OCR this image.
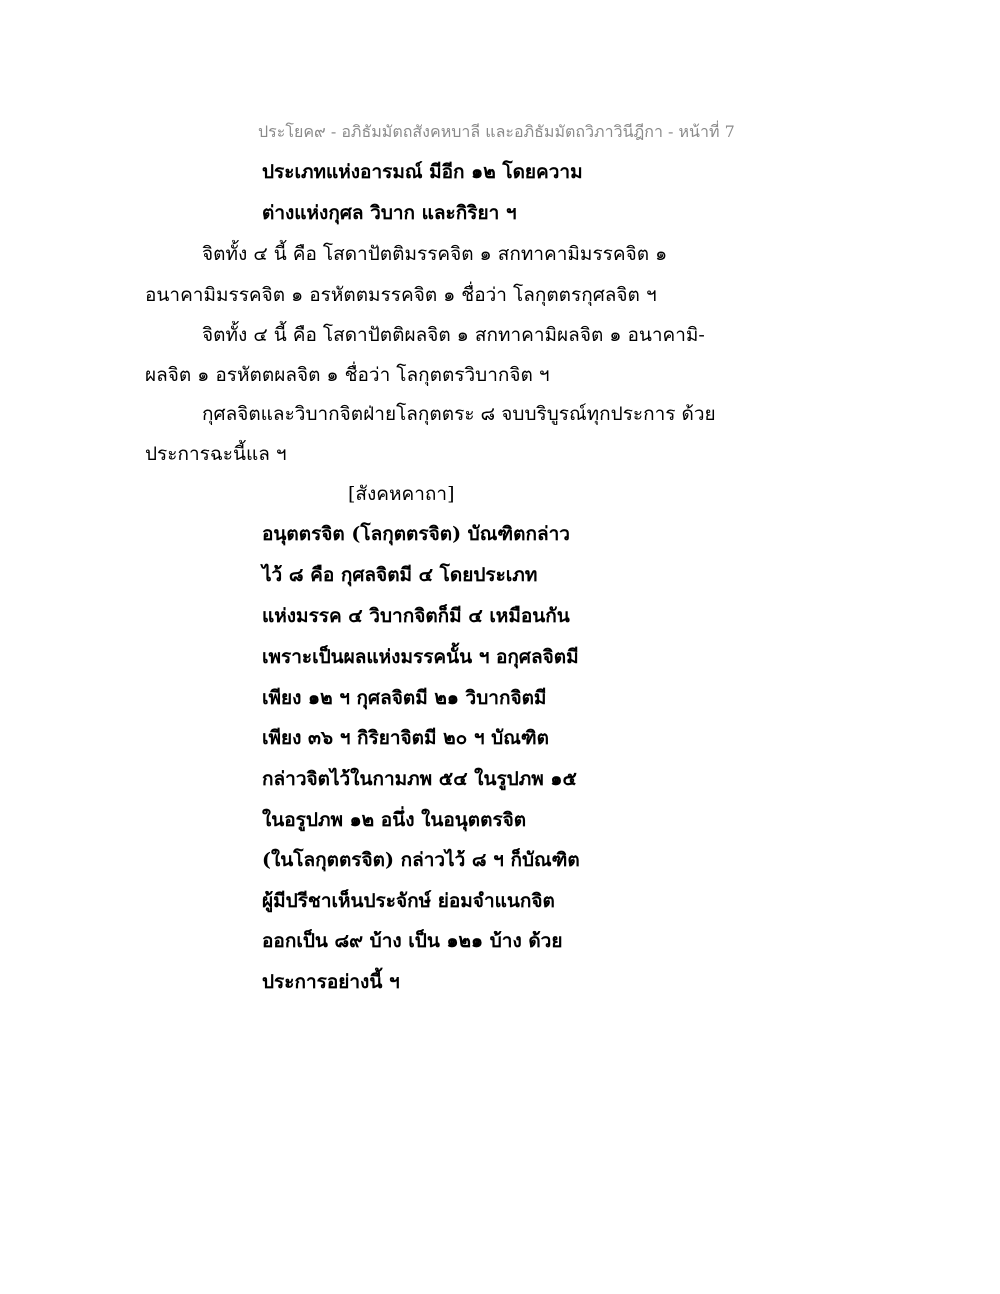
ประโยค๙ - อภิธัมมัตถสังคหบาลี และอภิธัมมัตถวิภาวินีฎีกา - หน้าที่ 7
ประเภทแห่งอารมณ์ มีอีก ๑๒ โดยความ
ต่างแห่งกุศล วิบาก และกิริยา ฯ
จิตทั้ง ๔ นี้ คือ โสดาปัตติมรรคจิต ๑ สกทาคามิมรรคจิต ๑
อนาคามิมรรคจิต ๑ อรหัตตมรรคจิต ๑ ชื่อว่า โลกุตตรกุศลจิต ฯ
จิตทั้ง ๔ นี้ คือ โสดาปัตติผลจิต ๑ สกทาคามิผลจิต ๑ อนาคามิ-
ผลจิต ๑ อรหัตตผลจิต ๑ ชื่อว่า โลกุตตรวิบากจิต ฯ
กุศลจิตและวิบากจิตฝ่ายโลกุตตระ ๘ จบบริบูรณ์ทุกประการ ด้วย
ประการฉะนี้แล ฯ
[สังคหคาถา]
อนุตตรจิต (โลกุตตรจิต) บัณฑิตกล่าว
ไว้ ๘ คือ กุศลจิตมี ๔ โดยประเภท
แห่งมรรค ๔ วิบากจิตก็มี ๔ เหมือนกัน
เพราะเป็นผลแห่งมรรคนั้น ฯ อกุศลจิตมี
เพียง ๑๒ ฯ กุศลจิตมี ๒๑ วิบากจิตมี
เพียง ๓๖ ฯ กิริยาจิตมี ๒๐ ฯ บัณฑิต
กล่าวจิตไว้ในกามภพ ๕๔ ในรูปภพ ๑๕
ในอรูปภพ ๑๒ อนึ่ง ในอนุตตรจิต
(ในโลกุตตรจิต) กล่าวไว้ ๘ ฯ ก็บัณฑิต
ผู้มีปรีชาเห็นประจักษ์ ย่อมจำแนกจิต
ออกเป็น ๘๙ บ้าง เป็น ๑๒๑ บ้าง ด้วย
ประการอย่างนี้ ฯ
